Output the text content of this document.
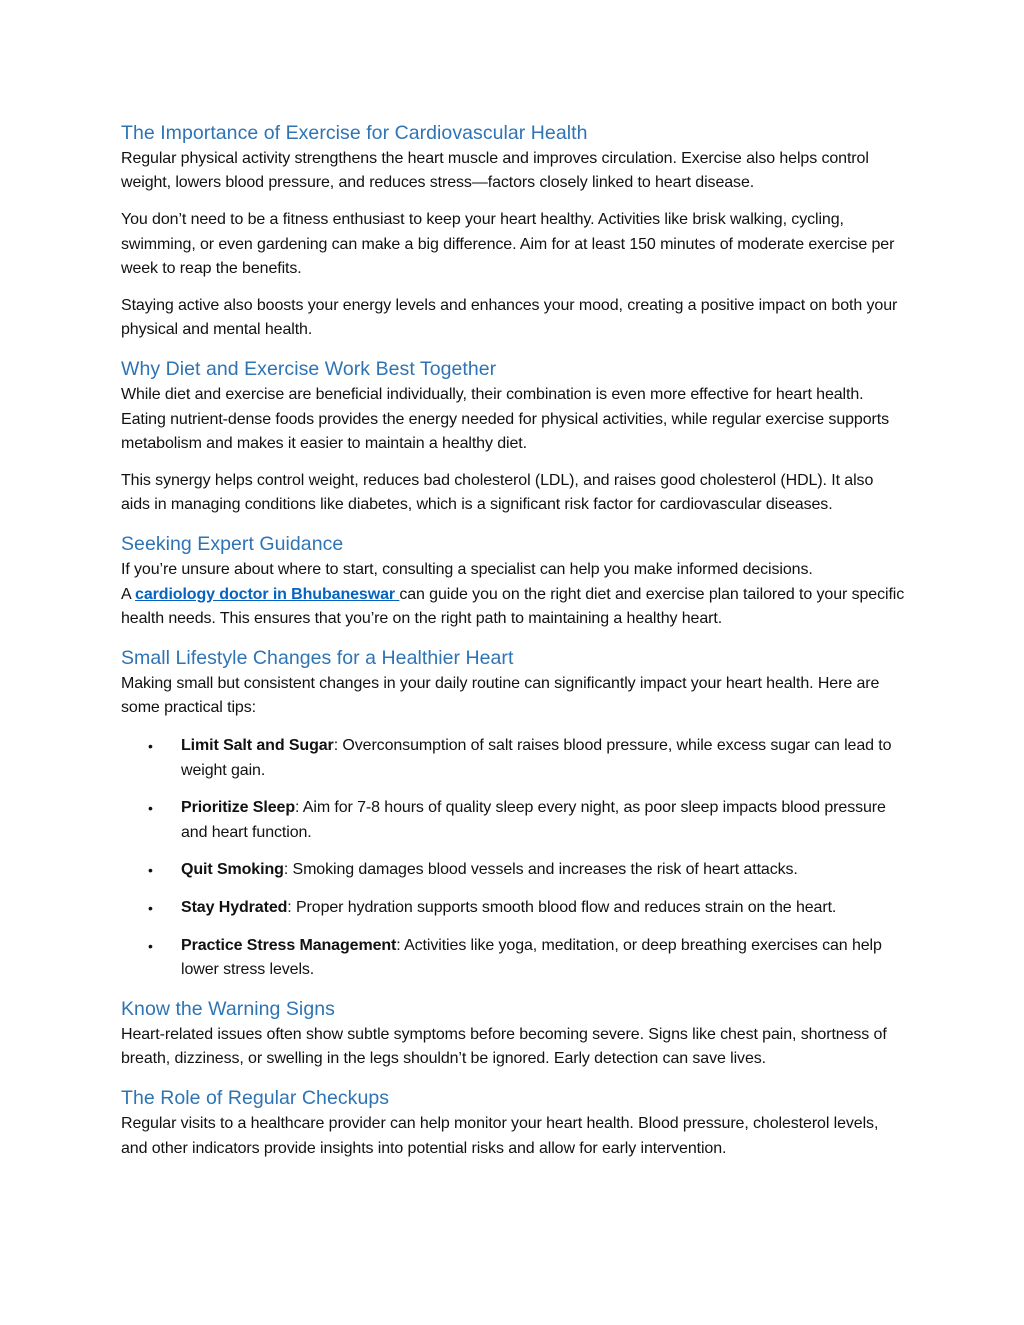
The Importance of Exercise for Cardiovascular Health

Regular physical activity strengthens the heart muscle and improves circulation. Exercise also helps control weight, lowers blood pressure, and reduces stress—factors closely linked to heart disease.

You don’t need to be a fitness enthusiast to keep your heart healthy. Activities like brisk walking, cycling, swimming, or even gardening can make a big difference. Aim for at least 150 minutes of moderate exercise per week to reap the benefits.

Staying active also boosts your energy levels and enhances your mood, creating a positive impact on both your physical and mental health.

Why Diet and Exercise Work Best Together

While diet and exercise are beneficial individually, their combination is even more effective for heart health. Eating nutrient-dense foods provides the energy needed for physical activities, while regular exercise supports metabolism and makes it easier to maintain a healthy diet.

This synergy helps control weight, reduces bad cholesterol (LDL), and raises good cholesterol (HDL). It also aids in managing conditions like diabetes, which is a significant risk factor for cardiovascular diseases.

Seeking Expert Guidance

If you’re unsure about where to start, consulting a specialist can help you make informed decisions.
A cardiology doctor in Bhubaneswar can guide you on the right diet and exercise plan tailored to your specific health needs. This ensures that you’re on the right path to maintaining a healthy heart.

Small Lifestyle Changes for a Healthier Heart

Making small but consistent changes in your daily routine can significantly impact your heart health. Here are some practical tips:

• Limit Salt and Sugar: Overconsumption of salt raises blood pressure, while excess sugar can lead to weight gain.
• Prioritize Sleep: Aim for 7-8 hours of quality sleep every night, as poor sleep impacts blood pressure and heart function.
• Quit Smoking: Smoking damages blood vessels and increases the risk of heart attacks.
• Stay Hydrated: Proper hydration supports smooth blood flow and reduces strain on the heart.
• Practice Stress Management: Activities like yoga, meditation, or deep breathing exercises can help lower stress levels.
Know the Warning Signs

Heart-related issues often show subtle symptoms before becoming severe. Signs like chest pain, shortness of breath, dizziness, or swelling in the legs shouldn’t be ignored. Early detection can save lives.

The Role of Regular Checkups

Regular visits to a healthcare provider can help monitor your heart health. Blood pressure, cholesterol levels, and other indicators provide insights into potential risks and allow for early intervention.
